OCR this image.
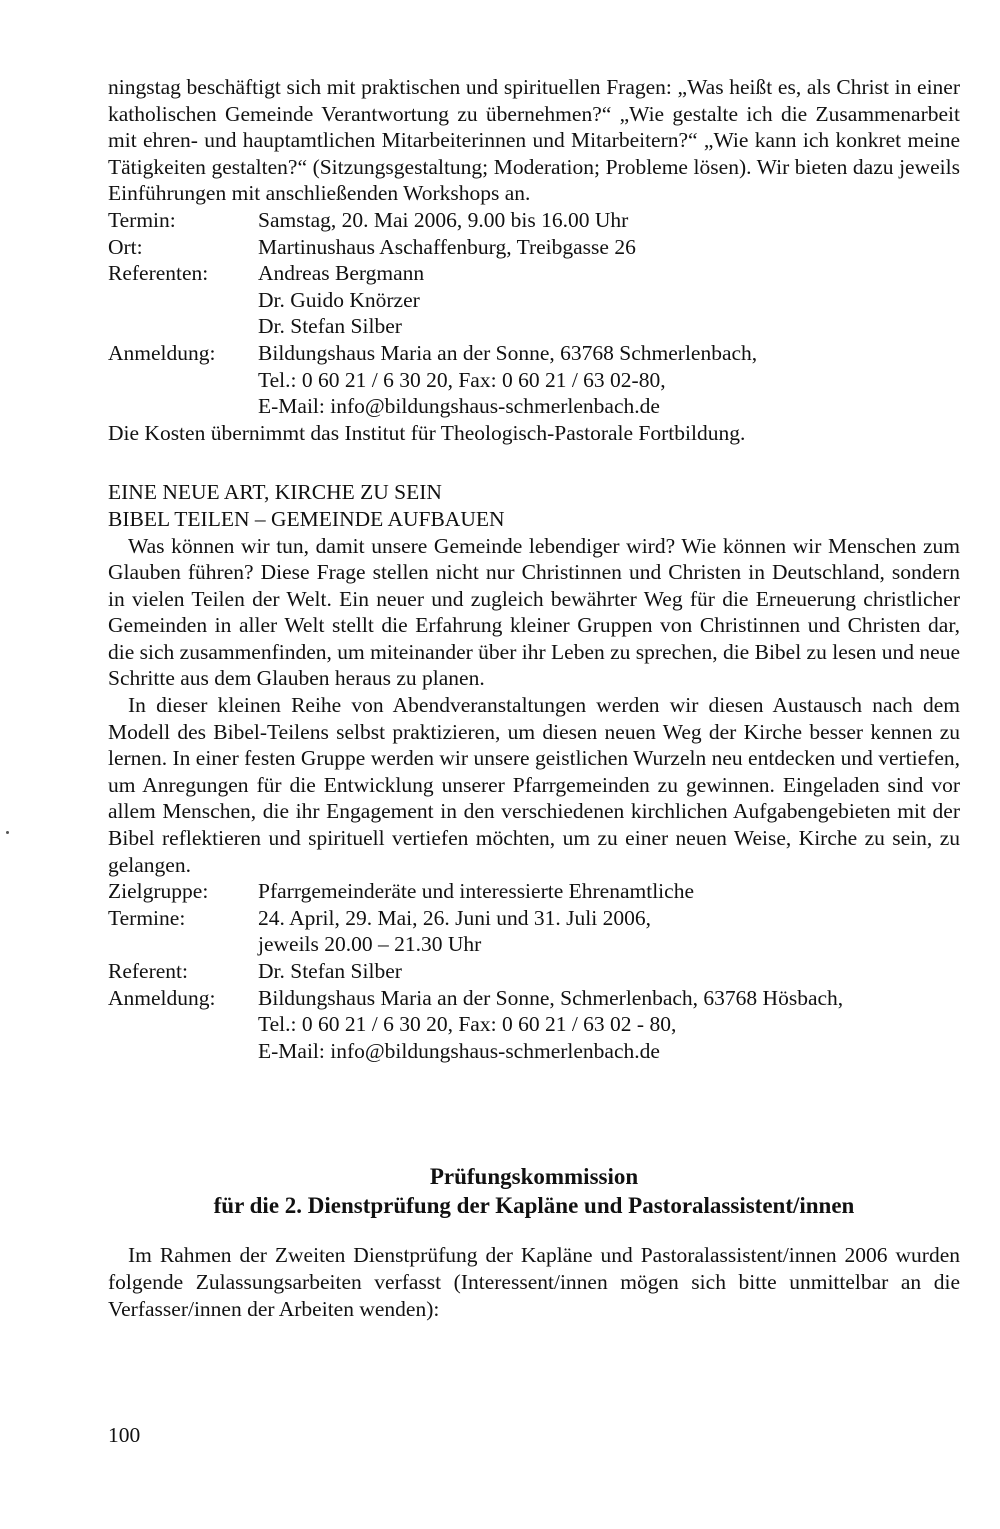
ningstag beschäftigt sich mit praktischen und spirituellen Fragen: „Was heißt es, als Christ in einer katholischen Gemeinde Verantwortung zu übernehmen?“ „Wie gestalte ich die Zusammenarbeit mit ehren- und hauptamtlichen Mitarbeiterinnen und Mitarbeitern?“ „Wie kann ich konkret meine Tätigkeiten gestalten?“ (Sitzungsgestaltung; Moderation; Probleme lösen). Wir bieten dazu jeweils Einführungen mit anschließenden Workshops an.

Termin:	Samstag, 20. Mai 2006, 9.00 bis 16.00 Uhr
Ort:	Martinushaus Aschaffenburg, Treibgasse 26
Referenten:	Andreas Bergmann
Dr. Guido Knörzer
Dr. Stefan Silber
Anmeldung:	Bildungshaus Maria an der Sonne, 63768 Schmerlenbach,
Tel.: 0 60 21 / 6 30 20, Fax: 0 60 21 / 63 02-80,
E-Mail: info@bildungshaus-schmerlenbach.de

Die Kosten übernimmt das Institut für Theologisch-Pastorale Fortbildung.

EINE NEUE ART, KIRCHE ZU SEIN

BIBEL TEILEN – GEMEINDE AUFBAUEN

Was können wir tun, damit unsere Gemeinde lebendiger wird? Wie können wir Menschen zum Glauben führen? Diese Frage stellen nicht nur Christinnen und Christen in Deutschland, sondern in vielen Teilen der Welt. Ein neuer und zugleich bewährter Weg für die Erneuerung christlicher Gemeinden in aller Welt stellt die Erfahrung kleiner Gruppen von Christinnen und Christen dar, die sich zusammenfinden, um miteinander über ihr Leben zu sprechen, die Bibel zu lesen und neue Schritte aus dem Glauben heraus zu planen.

In dieser kleinen Reihe von Abendveranstaltungen werden wir diesen Austausch nach dem Modell des Bibel-Teilens selbst praktizieren, um diesen neuen Weg der Kirche besser kennen zu lernen. In einer festen Gruppe werden wir unsere geistlichen Wurzeln neu entdecken und vertiefen, um Anregungen für die Entwicklung unserer Pfarrgemeinden zu gewinnen. Eingeladen sind vor allem Menschen, die ihr Engagement in den verschiedenen kirchlichen Aufgabengebieten mit der Bibel reflektieren und spirituell vertiefen möchten, um zu einer neuen Weise, Kirche zu sein, zu gelangen.

Zielgruppe:	Pfarrgemeinderäte und interessierte Ehrenamtliche
Termine:	24. April, 29. Mai, 26. Juni und 31. Juli 2006,
jeweils 20.00 – 21.30 Uhr
Referent:	Dr. Stefan Silber
Anmeldung:	Bildungshaus Maria an der Sonne, Schmerlenbach, 63768 Hösbach,
Tel.: 0 60 21 / 6 30 20, Fax: 0 60 21 / 63 02 - 80,
E-Mail: info@bildungshaus-schmerlenbach.de

Prüfungskommission

für die 2. Dienstprüfung der Kapläne und Pastoralassistent/innen

Im Rahmen der Zweiten Dienstprüfung der Kapläne und Pastoralassistent/innen 2006 wurden folgende Zulassungsarbeiten verfasst (Interessent/innen mögen sich bitte unmittelbar an die Verfasser/innen der Arbeiten wenden):

100
